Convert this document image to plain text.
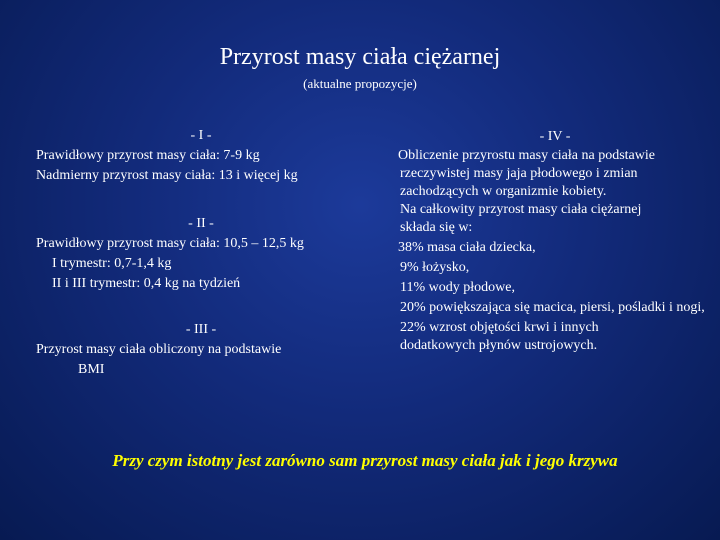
Przyrost masy ciała ciężarnej
(aktualne propozycje)
- I -
Prawidłowy przyrost masy ciała: 7-9 kg
Nadmierny przyrost masy ciała: 13 i więcej kg
- II -
Prawidłowy przyrost masy ciała: 10,5 – 12,5 kg
I trymestr: 0,7-1,4 kg
II i III trymestr: 0,4 kg na tydzień
- III -
Przyrost masy ciała obliczony na podstawie
BMI
- IV -
Obliczenie przyrostu masy ciała na podstawie
rzeczywistej masy jaja płodowego i zmian
zachodzących w organizmie kobiety.
Na całkowity przyrost masy ciała ciężarnej
składa się w:
38% masa ciała dziecka,
9% łożysko,
11% wody płodowe,
20% powiększająca się macica, piersi, pośladki i nogi,
22% wzrost objętości krwi i innych
dodatkowych płynów ustrojowych.
Przy czym istotny jest zarówno sam przyrost masy ciała jak i jego krzywa
